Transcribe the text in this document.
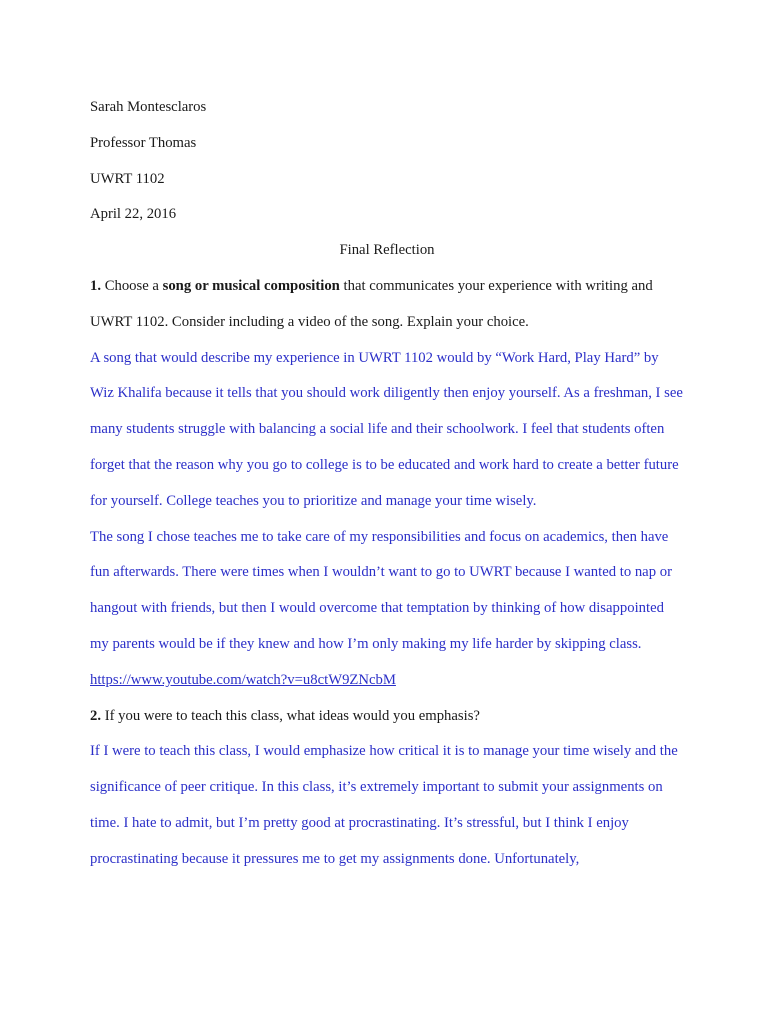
Sarah Montesclaros
Professor Thomas
UWRT 1102
April 22, 2016
Final Reflection

1. Choose a song or musical composition that communicates your experience with writing and UWRT 1102. Consider including a video of the song. Explain your choice.

A song that would describe my experience in UWRT 1102 would by “Work Hard, Play Hard” by Wiz Khalifa because it tells that you should work diligently then enjoy yourself. As a freshman, I see many students struggle with balancing a social life and their schoolwork. I feel that students often forget that the reason why you go to college is to be educated and work hard to create a better future for yourself. College teaches you to prioritize and manage your time wisely.

The song I chose teaches me to take care of my responsibilities and focus on academics, then have fun afterwards. There were times when I wouldn’t want to go to UWRT because I wanted to nap or hangout with friends, but then I would overcome that temptation by thinking of how disappointed my parents would be if they knew and how I’m only making my life harder by skipping class.

https://www.youtube.com/watch?v=u8ctW9ZNcbM

2. If you were to teach this class, what ideas would you emphasis?

If I were to teach this class, I would emphasize how critical it is to manage your time wisely and the significance of peer critique. In this class, it’s extremely important to submit your assignments on time. I hate to admit, but I’m pretty good at procrastinating. It’s stressful, but I think I enjoy procrastinating because it pressures me to get my assignments done. Unfortunately,
